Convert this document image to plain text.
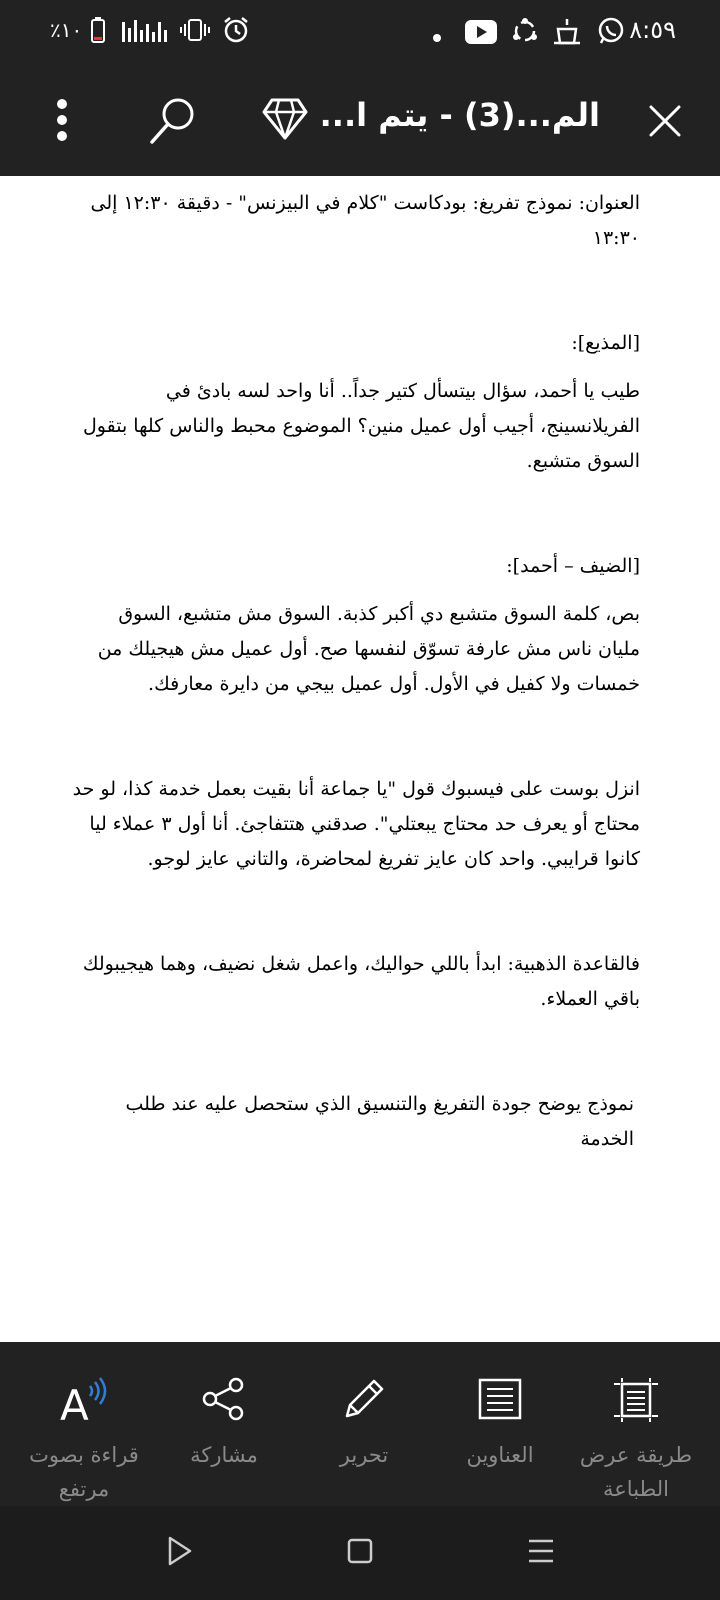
٪١٠	٨:٥٩
الم...(3) - يتم ا...

العنوان: نموذج تفريغ: بودكاست "كلام في البيزنس" - دقيقة ١٢:٣٠ إلى ١٣:٣٠

[المذيع]:

طيب يا أحمد، سؤال بيتسأل كتير جداً.. أنا واحد لسه بادئ في الفريلانسينج، أجيب أول عميل منين؟ الموضوع محبط والناس كلها بتقول السوق متشبع.

[الضيف – أحمد]:

بص، كلمة السوق متشبع دي أكبر كذبة. السوق مش متشبع، السوق مليان ناس مش عارفة تسوّق لنفسها صح. أول عميل مش هيجيلك من خمسات ولا كفيل في الأول. أول عميل بيجي من دايرة معارفك.

انزل بوست على فيسبوك قول "يا جماعة أنا بقيت بعمل خدمة كذا، لو حد محتاج أو يعرف حد محتاج يبعتلي". صدقني هتتفاجئ. أنا أول ٣ عملاء ليا كانوا قرايبي. واحد كان عايز تفريغ لمحاضرة، والتاني عايز لوجو.

فالقاعدة الذهبية: ابدأ باللي حواليك، واعمل شغل نضيف، وهما هيجيبولك باقي العملاء.

نموذج يوضح جودة التفريغ والتنسيق الذي ستحصل عليه عند طلب الخدمة

A
قراءة بصوت مرتفع
مشاركة	تحرير	العناوين	طريقة عرض الطباعة
